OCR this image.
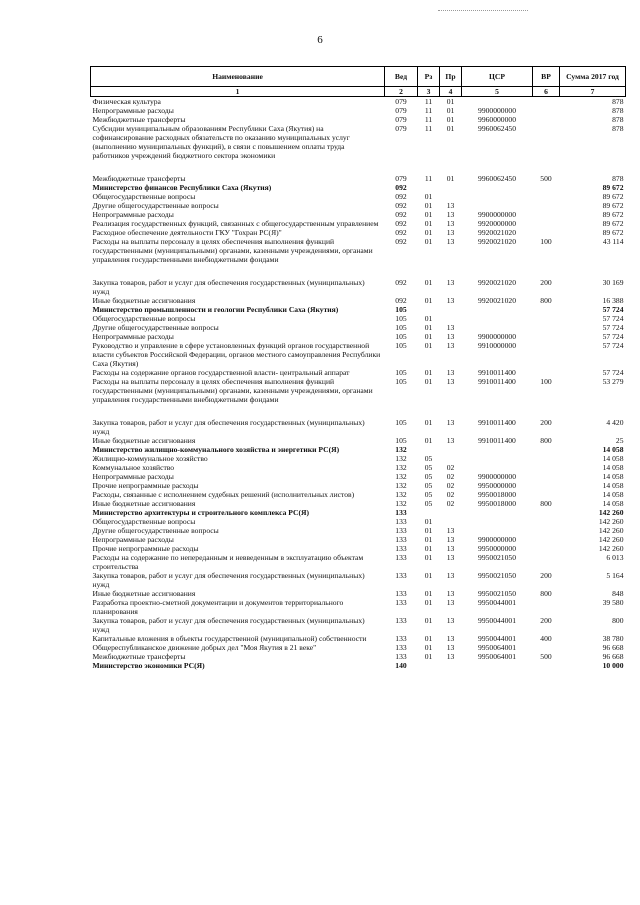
6
Наименование	Вед	Рз	Пр	ЦСР	ВР	Сумма 2017 год
1	2	3	4	5	6	7
Физическая культура	079	11	01			878
Непрограммные расходы	079	11	01	9900000000		878
Межбюджетные трансферты	079	11	01	9960000000		878
Субсидии муниципальным образованиям Республики Саха (Якутия) на софинансирование расходных обязательств по оказанию муниципальных услуг (выполнению муниципальных функций), в связи с повышением оплаты труда работников учреждений бюджетного сектора экономики	079	11	01	9960062450		878
Межбюджетные трансферты	079	11	01	9960062450	500	878
Министерство финансов Республики Саха (Якутия)	092					89 672
Общегосударственные вопросы	092	01				89 672
Другие общегосударственные вопросы	092	01	13			89 672
Непрограммные расходы	092	01	13	9900000000		89 672
Реализация государственных функций, связанных с общегосударственным управлением	092	01	13	9920000000		89 672
Расходное обеспечение деятельности ГКУ "Гохран РС(Я)"	092	01	13	9920021020		89 672
Расходы на выплаты персоналу в целях обеспечения выполнения функций государственными (муниципальными) органами, казенными учреждениями, органами управления государственными внебюджетными фондами	092	01	13	9920021020	100	43 114
Закупка товаров, работ и услуг для обеспечения государственных (муниципальных) нужд	092	01	13	9920021020	200	30 169
Иные бюджетные ассигнования	092	01	13	9920021020	800	16 388
Министерство промышленности и геологии Республики Саха (Якутия)	105					57 724
Общегосударственные вопросы	105	01				57 724
Другие общегосударственные вопросы	105	01	13			57 724
Непрограммные расходы	105	01	13	9900000000		57 724
Руководство и управление в сфере установленных функций органов государственной власти субъектов Российской Федерации, органов местного самоуправления Республики Саха (Якутия)	105	01	13	9910000000		57 724
Расходы на содержание органов государственной власти- центральный аппарат	105	01	13	9910011400		57 724
Расходы на выплаты персоналу в целях обеспечения выполнения функций государственными (муниципальными) органами, казенными учреждениями, органами управления государственными внебюджетными фондами	105	01	13	9910011400	100	53 279
Закупка товаров, работ и услуг для обеспечения государственных (муниципальных) нужд	105	01	13	9910011400	200	4 420
Иные бюджетные ассигнования	105	01	13	9910011400	800	25
Министерство жилищно-коммунального хозяйства и энергетики РС(Я)	132					14 058
Жилищно-коммунальное хозяйство	132	05				14 058
Коммунальное хозяйство	132	05	02			14 058
Непрограммные расходы	132	05	02	9900000000		14 058
Прочие непрограммные расходы	132	05	02	9950000000		14 058
Расходы, связанные с исполнением судебных решений (исполнительных листов)	132	05	02	9950018000		14 058
Иные бюджетные ассигнования	132	05	02	9950018000	800	14 058
Министерство архитектуры и строительного комплекса РС(Я)	133					142 260
Общегосударственные вопросы	133	01				142 260
Другие общегосударственные вопросы	133	01	13			142 260
Непрограммные расходы	133	01	13	9900000000		142 260
Прочие непрограммные расходы	133	01	13	9950000000		142 260
Расходы на содержание по непереданным и невведенным в эксплуатацию объектам строительства	133	01	13	9950021050		6 013
Закупка товаров, работ и услуг для обеспечения государственных (муниципальных) нужд	133	01	13	9950021050	200	5 164
Иные бюджетные ассигнования	133	01	13	9950021050	800	848
Разработка проектно-сметной документации и документов территориального планирования	133	01	13	9950044001		39 580
Закупка товаров, работ и услуг для обеспечения государственных (муниципальных) нужд	133	01	13	9950044001	200	800
Капитальные вложения в объекты государственной (муниципальной) собственности	133	01	13	9950044001	400	38 780
Общереспубликанское движение добрых дел "Моя Якутия в 21 веке"	133	01	13	9950064001		96 668
Межбюджетные трансферты	133	01	13	9950064001	500	96 668
Министерство экономики РС(Я)	140					10 000
